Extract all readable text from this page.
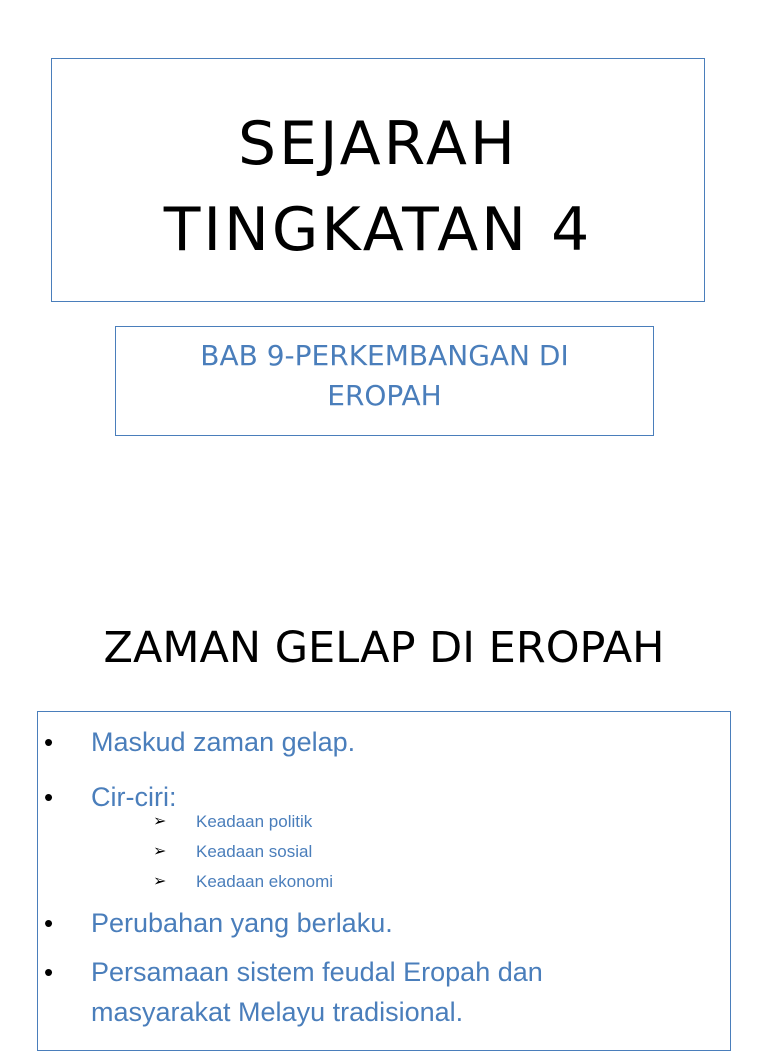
SEJARAH
TINGKATAN 4
BAB 9-PERKEMBANGAN DI
EROPAH
ZAMAN GELAP DI EROPAH
• Maskud zaman gelap.
• Cir-ciri:
➢ Keadaan politik
➢ Keadaan sosial
➢ Keadaan ekonomi
• Perubahan yang berlaku.
• Persamaan sistem feudal Eropah dan
masyarakat Melayu tradisional.
